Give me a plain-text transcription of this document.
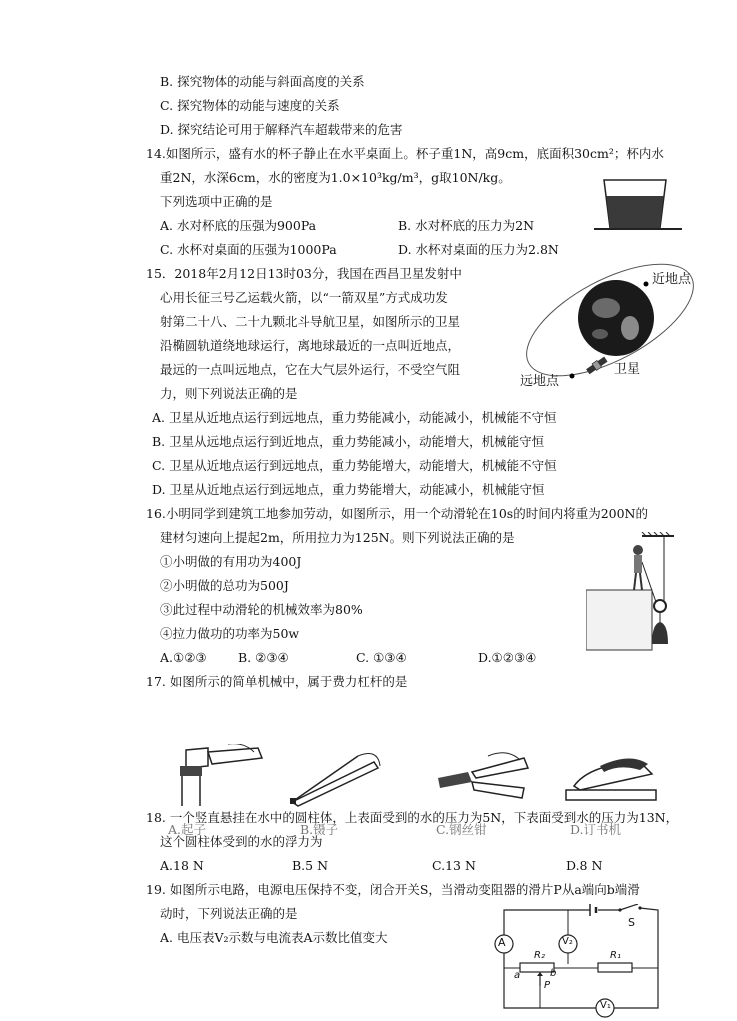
B. 探究物体的动能与斜面高度的关系
C. 探究物体的动能与速度的关系
D. 探究结论可用于解释汽车超载带来的危害
14.如图所示，盛有水的杯子静止在水平桌面上。杯子重1N，高9cm，底面积30cm²；杯内水
重2N，水深6cm，水的密度为1.0×10³kg/m³，g取10N/kg。
下列选项中正确的是
A. 水对杯底的压强为900Pa	B. 水对杯底的压力为2N
C. 水杯对桌面的压强为1000Pa	D. 水杯对桌面的压力为2.8N
15．2018年2月12日13时03分，我国在西昌卫星发射中
心用长征三号乙运载火箭，以“一箭双星”方式成功发
射第二十八、二十九颗北斗导航卫星，如图所示的卫星
沿椭圆轨道绕地球运行，离地球最近的一点叫近地点，
最远的一点叫远地点，它在大气层外运行，不受空气阻
力，则下列说法正确的是
近地点
远地点
卫星
A. 卫星从近地点运行到远地点，重力势能减小，动能减小，机械能不守恒
B. 卫星从远地点运行到近地点，重力势能减小，动能增大，机械能守恒
C. 卫星从近地点运行到远地点，重力势能增大，动能增大，机械能不守恒
D. 卫星从近地点运行到远地点，重力势能增大，动能减小，机械能守恒
16.小明同学到建筑工地参加劳动，如图所示，用一个动滑轮在10s的时间内将重为200N的
建材匀速向上提起2m，所用拉力为125N。则下列说法正确的是
①小明做的有用功为400J
②小明做的总功为500J
③此过程中动滑轮的机械效率为80%
④拉力做功的功率为50w
A.①②③	B. ②③④	C. ①③④	D.①②③④
17. 如图所示的简单机械中，属于费力杠杆的是
A.起子	B.镊子	C.钢丝钳	D.订书机
18. 一个竖直悬挂在水中的圆柱体，上表面受到的水的压力为5N，下表面受到水的压力为13N，
这个圆柱体受到的水的浮力为
A.18 N	B.5 N	C.13 N	D.8 N
19. 如图所示电路，电源电压保持不变，闭合开关S，当滑动变阻器的滑片P从a端向b端滑
动时，下列说法正确的是
A. 电压表V₂示数与电流表A示数比值变大	A	V₂
V₁
S
R₂	R₁
a	b
P
